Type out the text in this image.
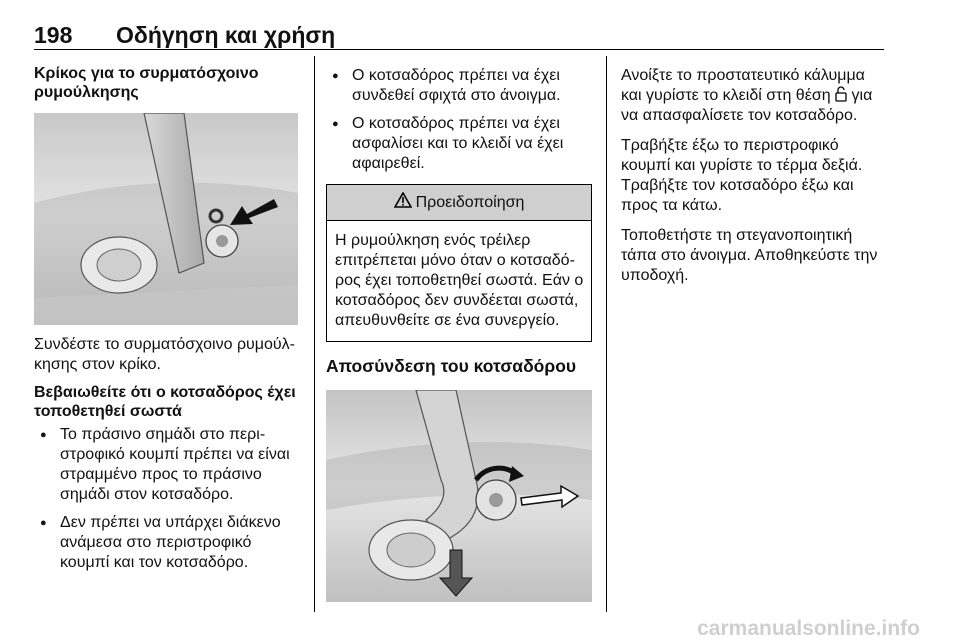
198 Οδήγηση και χρήση
Κρίκος για το συρματόσχοινο ρυμούλκησης

Συνδέστε το συρματόσχοινο ρυμούλκησης στον κρίκο.

Βεβαιωθείτε ότι ο κοτσαδόρος έχει τοποθετηθεί σωστά

● Το πράσινο σημάδι στο περιστροφικό κουμπί πρέπει να είναι στραμμένο προς το πράσινο σημάδι στον κοτσαδόρο.
● Δεν πρέπει να υπάρχει διάκενο ανάμεσα στο περιστροφικό κουμπί και τον κοτσαδόρο.
● Ο κοτσαδόρος πρέπει να έχει συνδεθεί σφιχτά στο άνοιγμα.
● Ο κοτσαδόρος πρέπει να έχει ασφαλίσει και το κλειδί να έχει αφαιρεθεί.
Προειδοποίηση
Η ρυμούλκηση ενός τρέιλερ επιτρέπεται μόνο όταν ο κοτσαδόρος έχει τοποθετηθεί σωστά. Εάν ο κοτσαδόρος δεν συνδέεται σωστά, απευθυνθείτε σε ένα συνεργείο.
Αποσύνδεση του κοτσαδόρου

Ανοίξτε το προστατευτικό κάλυμμα και γυρίστε το κλειδί στη θέση για να απασφαλίσετε τον κοτσαδόρο.

Τραβήξτε έξω το περιστροφικό κουμπί και γυρίστε το τέρμα δεξιά. Τραβήξτε τον κοτσαδόρο έξω και προς τα κάτω.

Τοποθετήστε τη στεγανοποιητική τάπα στο άνοιγμα. Αποθηκεύστε την υποδοχή.

carmanualsonline.info
